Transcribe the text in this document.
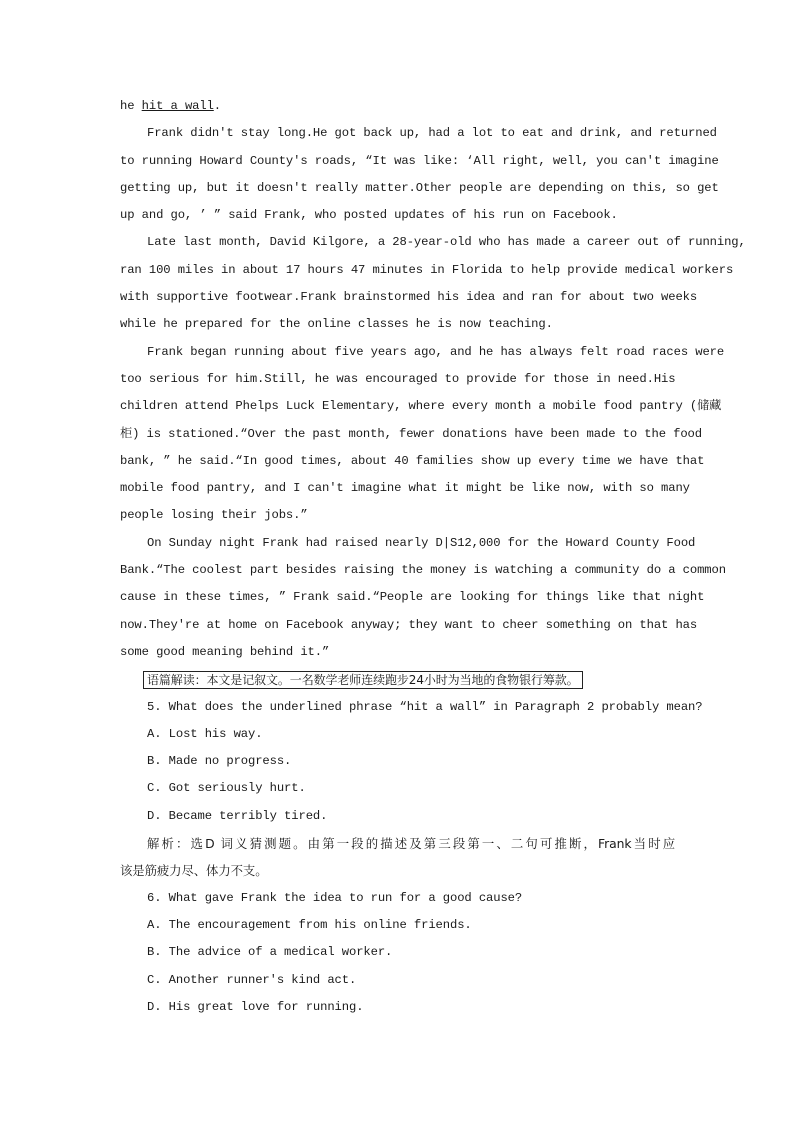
he hit a wall.
Frank didn't stay long.He got back up, had a lot to eat and drink, and returned
to running Howard County's roads, “It was like: ‘All right, well, you can't imagine
getting up, but it doesn't really matter.Other people are depending on this, so get
up and go, ’ ” said Frank, who posted updates of his run on Facebook.
Late last month, David Kilgore, a 28-year-old who has made a career out of running,
ran 100 miles in about 17 hours 47 minutes in Florida to help provide medical workers
with supportive footwear.Frank brainstormed his idea and ran for about two weeks
while he prepared for the online classes he is now teaching.
Frank began running about five years ago, and he has always felt road races were
too serious for him.Still, he was encouraged to provide for those in need.His
children attend Phelps Luck Elementary, where every month a mobile food pantry (储藏
柜) is stationed.“Over the past month, fewer donations have been made to the food
bank, ” he said.“In good times, about 40 families show up every time we have that
mobile food pantry, and I can't imagine what it might be like now, with so many
people losing their jobs.”
On Sunday night Frank had raised nearly D|S12,000 for the Howard County Food
Bank.“The coolest part besides raising the money is watching a community do a common
cause in these times, ” Frank said.“People are looking for things like that night
now.They're at home on Facebook anyway; they want to cheer something on that has
some good meaning behind it.”
语篇解读：本文是记叙文。一名数学老师连续跑步24小时为当地的食物银行筹款。
5. What does the underlined phrase “hit a wall” in Paragraph 2 probably mean?
A. Lost his way.
B. Made no progress.
C. Got seriously hurt.
D. Became terribly tired.
解析：选D 词义猜测题。由第一段的描述及第三段第一、二句可推断，Frank当时应
该是筋疲力尽、体力不支。
6. What gave Frank the idea to run for a good cause?
A. The encouragement from his online friends.
B. The advice of a medical worker.
C. Another runner's kind act.
D. His great love for running.
